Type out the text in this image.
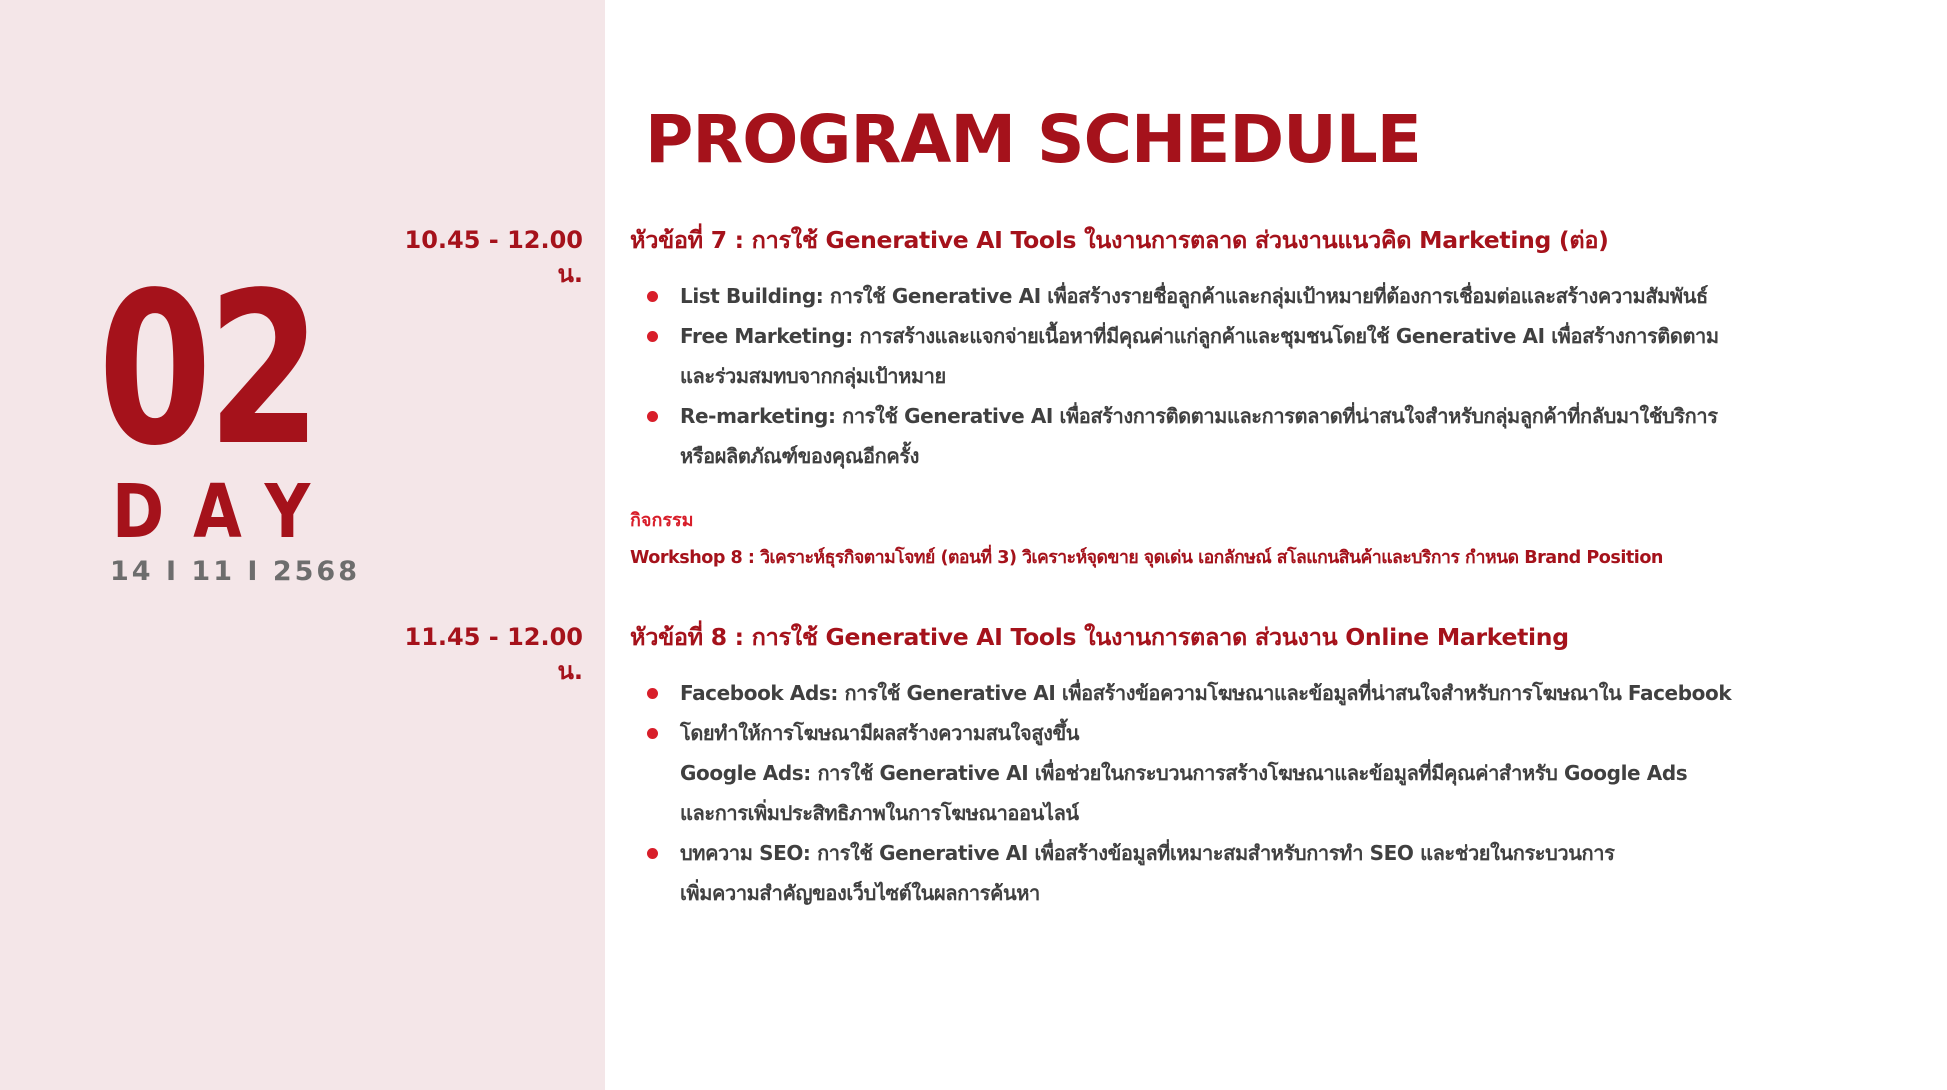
02
DAY
14 I 11 I 2568
PROGRAM SCHEDULE
10.45 - 12.00 น.
หัวข้อที่ 7 : การใช้ Generative AI Tools ในงานการตลาด ส่วนงานแนวคิด Marketing (ต่อ)
List Building: การใช้ Generative AI เพื่อสร้างรายชื่อลูกค้าและกลุ่มเป้าหมายที่ต้องการเชื่อมต่อและสร้างความสัมพันธ์
Free Marketing: การสร้างและแจกจ่ายเนื้อหาที่มีคุณค่าแก่ลูกค้าและชุมชนโดยใช้ Generative AI เพื่อสร้างการติดตาม
และร่วมสมทบจากกลุ่มเป้าหมาย
Re-marketing: การใช้ Generative AI เพื่อสร้างการติดตามและการตลาดที่น่าสนใจสำหรับกลุ่มลูกค้าที่กลับมาใช้บริการ
หรือผลิตภัณฑ์ของคุณอีกครั้ง
กิจกรรม
Workshop 8 : วิเคราะห์ธุรกิจตามโจทย์ (ตอนที่ 3) วิเคราะห์จุดขาย จุดเด่น เอกลักษณ์ สโลแกนสินค้าและบริการ กำหนด Brand Position
11.45 - 12.00 น.
หัวข้อที่ 8 : การใช้ Generative AI Tools ในงานการตลาด ส่วนงาน Online Marketing
Facebook Ads: การใช้ Generative AI เพื่อสร้างข้อความโฆษณาและข้อมูลที่น่าสนใจสำหรับการโฆษณาใน Facebook
โดยทำให้การโฆษณามีผลสร้างความสนใจสูงขึ้น
Google Ads: การใช้ Generative AI เพื่อช่วยในกระบวนการสร้างโฆษณาและข้อมูลที่มีคุณค่าสำหรับ Google Ads
และการเพิ่มประสิทธิภาพในการโฆษณาออนไลน์
บทความ SEO: การใช้ Generative AI เพื่อสร้างข้อมูลที่เหมาะสมสำหรับการทำ SEO และช่วยในกระบวนการ
เพิ่มความสำคัญของเว็บไซต์ในผลการค้นหา
